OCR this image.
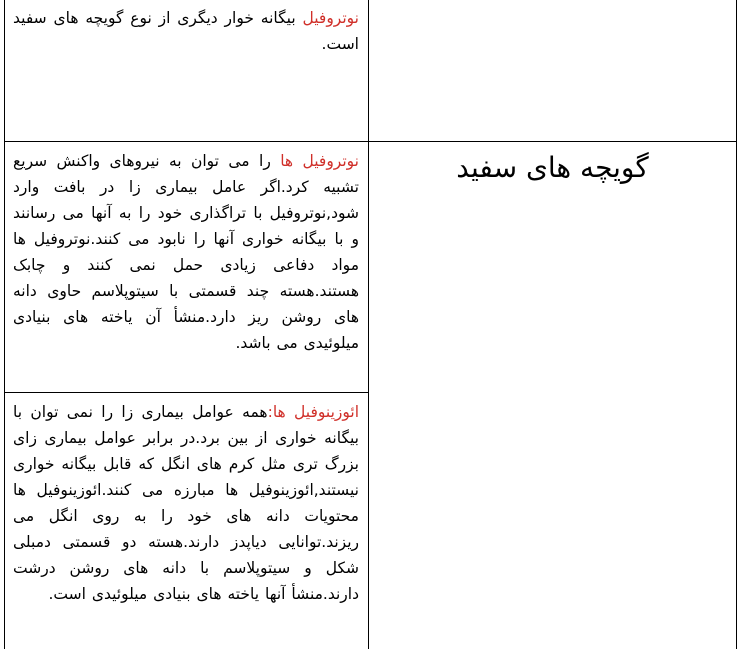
نوتروفیل بیگانه خوار دیگری از نوع گویچه های سفید است.	

نوتروفیل ها را می توان به نیروهای واکنش سریع تشبیه کرد.اگر عامل بیماری زا در بافت وارد شود,نوتروفیل با تراگذاری خود را به آنها می رسانند و با بیگانه خواری آنها را نابود می کنند.نوتروفیل ها مواد دفاعی زیادی حمل نمی کنند و چابک هستند.هسته چند قسمتی با سیتوپلاسم حاوی دانه های روشن ریز دارد.منشأ آن یاخته های بنیادی میلوئیدی می باشد.	گویچه های سفید

ائوزینوفیل ها:همه عوامل بیماری زا را نمی توان با بیگانه خواری از بین برد.در برابر عوامل بیماری زای بزرگ تری مثل کرم های انگل که قابل بیگانه خواری نیستند,ائوزینوفیل ها مبارزه می کنند.ائوزینوفیل ها محتویات دانه های خود را به روی انگل می ریزند.توانایی دیاپدز دارند.هسته دو قسمتی دمبلی شکل و سیتوپلاسم با دانه های روشن درشت دارند.منشأ آنها یاخته های بنیادی میلوئیدی است.	
